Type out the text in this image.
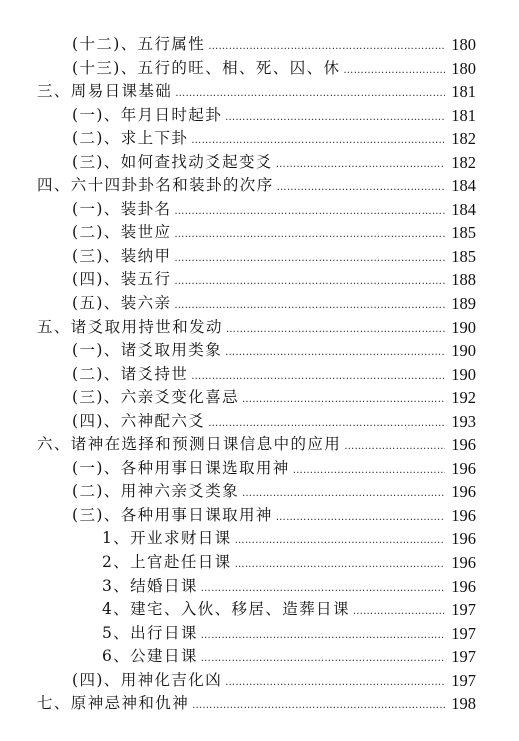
(十二)、五行属性 ……………………………………………………………………………………………………………………………………	180
(十三)、五行的旺、相、死、囚、休 ……………………………………………………………………………………………………………………………………	180
三、周易日课基础 ……………………………………………………………………………………………………………………………………	181
(一)、年月日时起卦 ……………………………………………………………………………………………………………………………………	181
(二)、求上下卦 ……………………………………………………………………………………………………………………………………	182
(三)、如何查找动爻起变爻 ……………………………………………………………………………………………………………………………………	182
四、六十四卦卦名和装卦的次序 ……………………………………………………………………………………………………………………………………	184
(一)、装卦名 ……………………………………………………………………………………………………………………………………	184
(二)、装世应 ……………………………………………………………………………………………………………………………………	185
(三)、装纳甲 ……………………………………………………………………………………………………………………………………	185
(四)、装五行 ……………………………………………………………………………………………………………………………………	188
(五)、装六亲 ……………………………………………………………………………………………………………………………………	189
五、诸爻取用持世和发动 ……………………………………………………………………………………………………………………………………	190
(一)、诸爻取用类象 ……………………………………………………………………………………………………………………………………	190
(二)、诸爻持世 ……………………………………………………………………………………………………………………………………	190
(三)、六亲爻变化喜忌 ……………………………………………………………………………………………………………………………………	192
(四)、六神配六爻 ……………………………………………………………………………………………………………………………………	193
六、诸神在选择和预测日课信息中的应用 ……………………………………………………………………………………………………………………………………	196
(一)、各种用事日课选取用神 ……………………………………………………………………………………………………………………………………	196
(二)、用神六亲爻类象 ……………………………………………………………………………………………………………………………………	196
(三)、各种用事日课取用神 ……………………………………………………………………………………………………………………………………	196
1、开业求财日课 ……………………………………………………………………………………………………………………………………	196
2、上官赴任日课 ……………………………………………………………………………………………………………………………………	196
3、结婚日课 ……………………………………………………………………………………………………………………………………	196
4、建宅、入伙、移居、造葬日课 ……………………………………………………………………………………………………………………………………	197
5、出行日课 ……………………………………………………………………………………………………………………………………	197
6、公建日课 ……………………………………………………………………………………………………………………………………	197
(四)、用神化吉化凶 ……………………………………………………………………………………………………………………………………	197
七、原神忌神和仇神 ……………………………………………………………………………………………………………………………………	198
